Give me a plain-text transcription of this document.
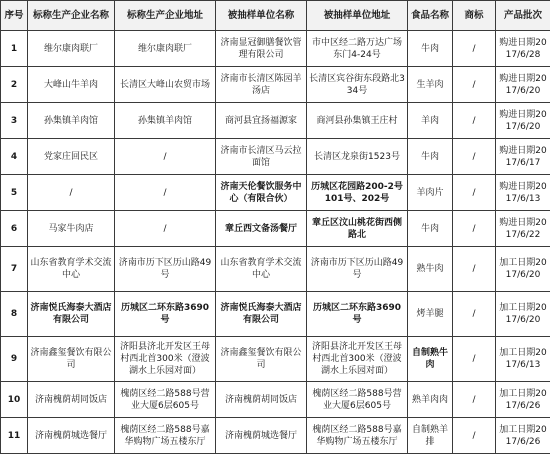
序号	标称生产企业名称	标称生产企业地址	被抽样单位名称	被抽样单位地址	食品名称	商标	产品批次
1	维尔康肉联厂	维尔康肉联厂	济南显冠御膳餐饮管理有限公司	市中区经二路万达广场东门4-24号	牛肉	/	购进日期2017/6/28
2	大峰山牛羊肉	长清区大峰山农贸市场	济南市长清区陈园羊汤店	长清区宾谷街东段路北334号	生羊肉	/	购进日期2017/6/20
3	孙集镇羊肉馆	孙集镇羊肉馆	商河县宜扬福源家	商河县孙集镇王庄村	羊肉	/	购进日期2017/6/20
4	党家庄回民区	/	济南市长清区马云拉面馆	长清区龙泉街1523号	牛肉	/	购进日期2017/6/17
5	/	/	济南天伦餐饮服务中心（有限合伙）	历城区花园路200-2号101号、202号	羊肉片	/	购进日期2017/6/13
6	马家牛肉店	/	章丘西文备汤餐厅	章丘区汶山桃花街西侧路北	牛肉	/	购进日期2017/6/22
7	山东省教育学术交流中心	济南市历下区历山路49号	山东省教育学术交流中心	济南市历下区历山路49号	熟牛肉	/	加工日期2017/6/20
8	济南悦氏海泰大酒店有限公司	历城区二环东路3690号	济南悦氏海泰大酒店有限公司	历城区二环东路3690号	烤羊腿	/	加工日期2017/6/20
9	济南鑫玺餐饮有限公司	济阳县济北开发区王母村西北首300米（澄波湖水上乐园对面）	济南鑫玺餐饮有限公司	济阳县济北开发区王母村西北首300米（澄波湖水上乐园对面）	自制熟牛肉	/	加工日期2017/6/13
10	济南槐荫胡同饭店	槐荫区经二路588号营业大厦6层605号	济南槐荫胡同饭店	槐荫区经二路588号营业大厦6层605号	熟羊肉肉	/	加工日期2017/6/26
11	济南槐荫城选餐厅	槐荫区经二路588号嘉华购物广场五楼东厅	济南槐荫城选餐厅	槐荫区经二路588号嘉华购物广场五楼东厅	自制熟羊排	/	加工日期2017/6/26
